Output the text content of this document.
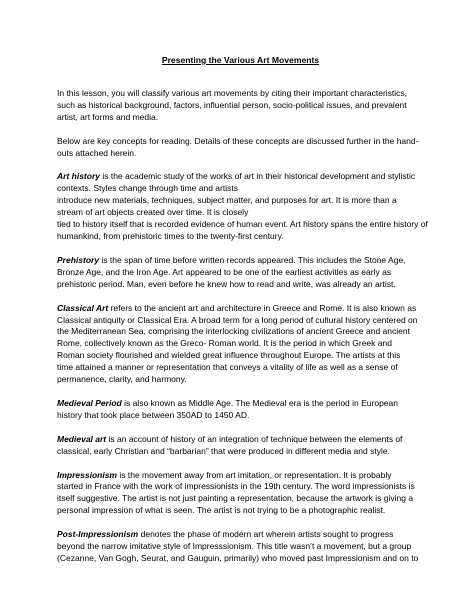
Presenting the Various Art Movements

In this lesson, you will classify various art movements by citing their important characteristics,
such as historical background, factors, influential person, socio-political issues, and prevalent
artist, art forms and media.

Below are key concepts for reading. Details of these concepts are discussed further in the hand-
outs attached herein.

Art history is the academic study of the works of art in their historical development and stylistic
contexts. Styles change through time and artists
introduce new materials, techniques, subject matter, and purposes for art. It is more than a
stream of art objects created over time. It is closely
tied to history itself that is recorded evidence of human event. Art history spans the entire history of
humankind, from prehistoric times to the twenty-first century.

Prehistory is the span of time before written records appeared. This includes the Stone Age,
Bronze Age, and the Iron Age. Art appeared to be one of the earliest activities as early as
prehistoric period. Man, even before he knew how to read and write, was already an artist.

Classical Art refers to the ancient art and architecture in Greece and Rome. It is also known as
Classical antiquity or Classical Era. A broad term for a long period of cultural history centered on
the Mediterranean Sea, comprising the interlocking civilizations of ancient Greece and ancient
Rome, collectively known as the Greco- Roman world. It is the period in which Greek and
Roman society flourished and wielded great influence throughout Europe. The artists at this
time attained a manner or representation that conveys a vitality of life as well as a sense of
permanence, clarity, and harmony.

Medieval Period is also known as Middle Age. The Medieval era is the period in European
history that took place between 350AD to 1450 AD.

Medieval art is an account of history of an integration of technique between the elements of
classical, early Christian and “barbarian” that were produced in different media and style.

Impressionism is the movement away from art imitation, or representation. It is probably
started in France with the work of impressionists in the 19th century. The word impressionists is
itself suggestive. The artist is not just painting a representation, because the artwork is giving a
personal impression of what is seen. The artist is not trying to be a photographic realist.

Post-Impressionism denotes the phase of modern art wherein artists sought to progress
beyond the narrow imitative style of Impresssionism. This title wasn’t a movement, but a group
(Cezanne, Van Gogh, Seurat, and Gauguin, primarily) who moved past Impressionism and on to
